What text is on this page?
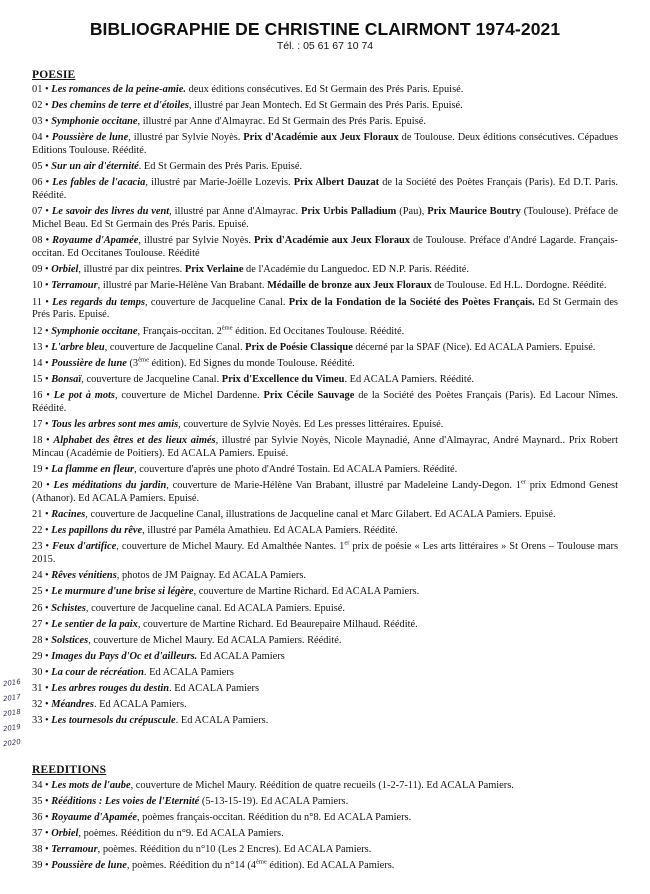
BIBLIOGRAPHIE DE CHRISTINE CLAIRMONT 1974-2021
Tél. : 05 61 67 10 74
POESIE
01 • Les romances de la peine-amie. deux éditions consécutives. Ed St Germain des Prés Paris. Epuisé.
02 • Des chemins de terre et d'étoiles, illustré par Jean Montech. Ed St Germain des Prés Paris. Epuisé.
03 • Symphonie occitane, illustré par Anne d'Almayrac. Ed St Germain des Prés Paris. Epuisé.
04 • Poussière de lune, illustré par Sylvie Noyès. Prix d'Académie aux Jeux Floraux de Toulouse. Deux éditions consécutives. Cépadues Editions Toulouse. Réédité.
05 • Sur un air d'éternité. Ed St Germain des Prés Paris. Epuisé.
06 • Les fables de l'acacia, illustré par Marie-Joëlle Lozevis. Prix Albert Dauzat de la Société des Poètes Français (Paris). Ed D.T. Paris. Réédité.
07 • Le savoir des livres du vent, illustré par Anne d'Almayrac. Prix Urbis Palladium (Pau), Prix Maurice Boutry (Toulouse). Préface de Michel Beau. Ed St Germain des Prés Paris. Epuisé.
08 • Royaume d'Apamée, illustré par Sylvie Noyès. Prix d'Académie aux Jeux Floraux de Toulouse. Préface d'André Lagarde. Français-occitan. Ed Occitanes Toulouse. Réédité
09 • Orbiel, illustré par dix peintres. Prix Verlaine de l'Académie du Languedoc. ED N.P. Paris. Réédité.
10 • Terramour, illustré par Marie-Hélène Van Brabant. Médaille de bronze aux Jeux Floraux de Toulouse. Ed H.L. Dordogne. Réédité.
11 • Les regards du temps, couverture de Jacqueline Canal. Prix de la Fondation de la Société des Poètes Français. Ed St Germain des Prés Paris. Epuisé.
12 • Symphonie occitane, Français-occitan. 2ème édition. Ed Occitanes Toulouse. Réédité.
13 • L'arbre bleu, couverture de Jacqueline Canal. Prix de Poésie Classique décerné par la SPAF (Nice). Ed ACALA Pamiers. Epuisé.
14 • Poussière de lune (3ème édition). Ed Signes du monde Toulouse. Réédité.
15 • Bonsaï, couverture de Jacqueline Canal. Prix d'Excellence du Vimeu. Ed ACALA Pamiers. Réédité.
16 • Le pot à mots, couverture de Michel Dardenne. Prix Cécile Sauvage de la Société des Poètes Français (Paris). Ed Lacour Nîmes. Réédité.
17 • Tous les arbres sont mes amis, couverture de Sylvie Noyès. Ed Les presses littéraires. Epuisé.
18 • Alphabet des êtres et des lieux aimés, illustré par Sylvie Noyès, Nicole Maynadié, Anne d'Almayrac, André Maynard.. Prix Robert Mincau (Académie de Poitiers). Ed ACALA Pamiers. Epuisé.
19 • La flamme en fleur, couverture d'après une photo d'André Tostain. Ed ACALA Pamiers. Réédité.
20 • Les méditations du jardin, couverture de Marie-Hélène Van Brabant, illustré par Madeleine Landy-Degon. 1er prix Edmond Genest (Athanor). Ed ACALA Pamiers. Epuisé.
21 • Racines, couverture de Jacqueline Canal, illustrations de Jacqueline canal et Marc Gilabert. Ed ACALA Pamiers. Epuisé.
22 • Les papillons du rêve, illustré par Paméla Amathieu. Ed ACALA Pamiers. Réédité.
23 • Feux d'artifice, couverture de Michel Maury. Ed Amalthée Nantes. 1er prix de poésie « Les arts littéraires » St Orens – Toulouse mars 2015.
24 • Rêves vénitiens, photos de JM Paignay. Ed ACALA Pamiers.
25 • Le murmure d'une brise si légère, couverture de Martine Richard. Ed ACALA Pamiers.
26 • Schistes, couverture de Jacqueline canal. Ed ACALA Pamiers. Epuisé.
27 • Le sentier de la paix, couverture de Martine Richard. Ed Beaurepaire Milhaud. Réédité.
28 • Solstices, couverture de Michel Maury. Ed ACALA Pamiers. Réédité.
29 • Images du Pays d'Oc et d'ailleurs. Ed ACALA Pamiers
30 • La cour de récréation. Ed ACALA Pamiers
31 • Les arbres rouges du destin. Ed ACALA Pamiers
32 • Méandres. Ed ACALA Pamiers.
33 • Les tournesols du crépuscule. Ed ACALA Pamiers.
REEDITIONS
34 • Les mots de l'aube, couverture de Michel Maury. Réédition de quatre recueils (1-2-7-11). Ed ACALA Pamiers.
35 • Rééditions : Les voies de l'Eternité (5-13-15-19). Ed ACALA Pamiers.
36 • Royaume d'Apamée, poèmes français-occitan. Réédition du n°8. Ed ACALA Pamiers.
37 • Orbiel, poèmes. Réédition du n°9. Ed ACALA Pamiers.
38 • Terramour, poèmes. Réédition du n°10 (Les 2 Encres). Ed ACALA Pamiers.
39 • Poussière de lune, poèmes. Réédition du n°14 (4ème édition). Ed ACALA Pamiers.
2016
2017
2018
2019
2020
